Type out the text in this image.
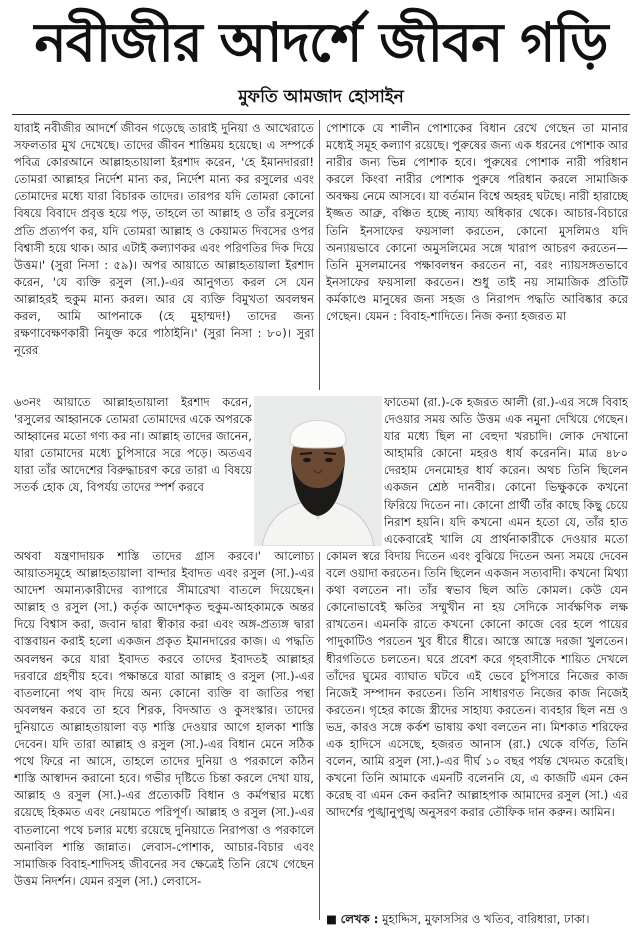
নবীজীর আদর্শে জীবন গড়ি
মুফতি আমজাদ হোসাইন

যারাই নবীজীর আদর্শে জীবন গড়েছে তারাই দুনিয়া ও আখেরাতে সফলতার মুখ দেখেছে। তাদের জীবন শান্তিময় হয়েছে। এ সম্পর্কে পবিত্র কোরআনে আল্লাহতায়ালা ইরশাদ করেন, 'হে ইমানদাররা! তোমরা আল্লাহর নির্দেশ মান্য কর, নির্দেশ মান্য কর রসুলের এবং তোমাদের মধ্যে যারা বিচারক তাদের। তারপর যদি তোমরা কোনো বিষয়ে বিবাদে প্রবৃত্ত হয়ে পড়, তাহলে তা আল্লাহ ও তাঁর রসুলের প্রতি প্রত্যর্পণ কর, যদি তোমরা আল্লাহ ও কেয়ামত দিবসের ওপর বিশ্বাসী হয়ে থাক। আর এটাই কল্যাণকর এবং পরিণতির দিক দিয়ে উত্তম।' (সুরা নিসা : ৫৯)। অপর আয়াতে আল্লাহতায়ালা ইরশাদ করেন, 'যে ব্যক্তি রসুল (সা.)-এর আনুগত্য করল সে যেন আল্লাহরই হুকুম মান্য করল। আর যে ব্যক্তি বিমুখতা অবলম্বন করল, আমি আপনাকে (হে মুহাম্মদ!) তাদের জন্য রক্ষণাবেক্ষণকারী নিযুক্ত করে পাঠাইনি।' (সুরা নিসা : ৮০)। সুরা নূরের

৬৩নং আয়াতে আল্লাহতায়ালা ইরশাদ করেন, 'রসুলের আহ্বানকে তোমরা তোমাদের একে অপরকে আহ্বানের মতো গণ্য কর না। আল্লাহ তাদের জানেন, যারা তোমাদের মধ্যে চুপিসারে সরে পড়ে। অতএব যারা তাঁর আদেশের বিরুদ্ধাচরণ করে তারা এ বিষয়ে সতর্ক হোক যে, বিপর্যয় তাদের স্পর্শ করবে

অথবা যন্ত্রণাদায়ক শাস্তি তাদের গ্রাস করবে।' আলোচ্য আয়াতসমূহে আল্লাহতায়ালা বান্দার ইবাদত এবং রসুল (সা.)-এর আদেশ অমান্যকারীদের ব্যাপারে সীমারেখা বাতলে দিয়েছেন। আল্লাহ ও রসুল (সা.) কর্তৃক আদেশকৃত হুকুম-আহকামকে অন্তর দিয়ে বিশ্বাস করা, জবান দ্বারা স্বীকার করা এবং অঙ্গ-প্রত্যঙ্গ দ্বারা বাস্তবায়ন করাই হলো একজন প্রকৃত ইমানদারের কাজ। এ পদ্ধতি অবলম্বন করে যারা ইবাদত করবে তাদের ইবাদতই আল্লাহর দরবারে গ্রহণীয় হবে। পক্ষান্তরে যারা আল্লাহ ও রসুল (সা.)-এর বাতলানো পথ বাদ দিয়ে অন্য কোনো ব্যক্তি বা জাতির পন্থা অবলম্বন করবে তা হবে শিরক, বিদআত ও কুসংস্কার। তাদের দুনিয়াতে আল্লাহতায়ালা বড় শাস্তি দেওয়ার আগে হালকা শাস্তি দেবেন। যদি তারা আল্লাহ ও রসুল (সা.)-এর বিধান মেনে সঠিক পথে ফিরে না আসে, তাহলে তাদের দুনিয়া ও পরকালে কঠিন শাস্তি আস্বাদন করানো হবে। গভীর দৃষ্টিতে চিন্তা করলে দেখা যায়, আল্লাহ ও রসুল (সা.)-এর প্রত্যেকটি বিধান ও কর্মপন্থার মধ্যে রয়েছে হিকমত এবং নেয়ামতে পরিপূর্ণ। আল্লাহ ও রসুল (সা.)-এর বাতলানো পথে চলার মধ্যে রয়েছে দুনিয়াতে নিরাপত্তা ও পরকালে অনাবিল শান্তি জান্নাত। লেবাস-পোশাক, আচার-বিচার এবং সামাজিক বিবাহ-শাদিসহ জীবনের সব ক্ষেত্রেই তিনি রেখে গেছেন উত্তম নিদর্শন। যেমন রসুল (সা.) লেবাসে-

পোশাকে যে শালীন পোশাকের বিধান রেখে গেছেন তা মানার মধ্যেই সমূহ কল্যাণ রয়েছে। পুরুষের জন্য এক ধরনের পোশাক আর নারীর জন্য ভিন্ন পোশাক হবে। পুরুষের পোশাক নারী পরিধান করলে কিংবা নারীর পোশাক পুরুষে পরিধান করলে সামাজিক অবক্ষয় নেমে আসবে। যা বর্তমান বিশ্বে অহরহ ঘটছে। নারী হারাচ্ছে ইজ্জত আব্রু, বঞ্চিত হচ্ছে ন্যায্য অধিকার থেকে। আচার-বিচারে তিনি ইনসাফের ফয়সালা করতেন, কোনো মুসলিমও যদি অন্যায়ভাবে কোনো অমুসলিমের সঙ্গে খারাপ আচরণ করতেন— তিনি মুসলমানের পক্ষাবলম্বন করতেন না, বরং ন্যায়সঙ্গতভাবে ইনসাফের ফয়সালা করতেন। শুধু তাই নয় সামাজিক প্রতিটি কর্মকাণ্ডে মানুষের জন্য সহজ ও নিরাপদ পদ্ধতি আবিষ্কার করে গেছেন। যেমন : বিবাহ-শাদিতে। নিজ কন্যা হজরত মা

ফাতেমা (রা.)-কে হজরত আলী (রা.)-এর সঙ্গে বিবাহ দেওয়ার সময় অতি উত্তম এক নমুনা দেখিয়ে গেছেন। যার মধ্যে ছিল না বেহুদা খরচাদি। লোক দেখানো আহামরি কোনো মহরও ধার্য করেননি। মাত্র ৪৮০ দেরহাম দেনমোহর ধার্য করেন। অথচ তিনি ছিলেন একজন শ্রেষ্ঠ দানবীর। কোনো ভিক্ষুককে কখনো ফিরিয়ে দিতেন না। কোনো প্রার্থী তাঁর কাছে কিছু চেয়ে নিরাশ হয়নি। যদি কখনো এমন হতো যে, তাঁর হাত একেবারেই খালি যে প্রার্থনাকারীকে দেওয়ার মতো

কোমল স্বরে বিদায় দিতেন এবং বুঝিয়ে দিতেন অন্য সময়ে দেবেন বলে ওয়াদা করতেন। তিনি ছিলেন একজন সত্যবাদী। কখনো মিথ্যা কথা বলতেন না। তাঁর স্বভাব ছিল অতি কোমল। কেউ যেন কোনোভাবেই ক্ষতির সম্মুখীন না হয় সেদিকে সার্বক্ষণিক লক্ষ রাখতেন। এমনকি রাতে কখনো কোনো কাজে বের হলে পায়ের পাদুকাটিও পরতেন খুব ধীরে ধীরে। আস্তে আস্তে দরজা খুলতেন। ধীরগতিতে চলতেন। ঘরে প্রবেশ করে গৃহবাসীকে শায়িত দেখলে তাঁদের ঘুমের ব্যাঘাত ঘটবে এই ভেবে চুপিসারে নিজের কাজ নিজেই সম্পাদন করতেন। তিনি সাধারণত নিজের কাজ নিজেই করতেন। গৃহের কাজে স্ত্রীদের সাহায্য করতেন। ব্যবহার ছিল নম্র ও ভদ্র, কারও সঙ্গে কর্কশ ভাষায় কথা বলতেন না। মিশকাত শরিফের এক হাদিসে এসেছে, হজরত আনাস (রা.) থেকে বর্ণিত, তিনি বলেন, আমি রসুল (সা.)-এর দীর্ঘ ১০ বছর পর্যন্ত খেদমত করেছি। কখনো তিনি আমাকে এমনটি বলেননি যে, এ কাজটি এমন কেন করেছ বা এমন কেন করনি? আল্লাহপাক আমাদের রসুল (সা.) এর আদর্শের পুঙ্খানুপুঙ্খ অনুসরণ করার তৌফিক দান করুন। আমিন।

■ লেখক : মুহাদ্দিস, মুফাসসির ও খতিব, বারিধারা, ঢাকা।
